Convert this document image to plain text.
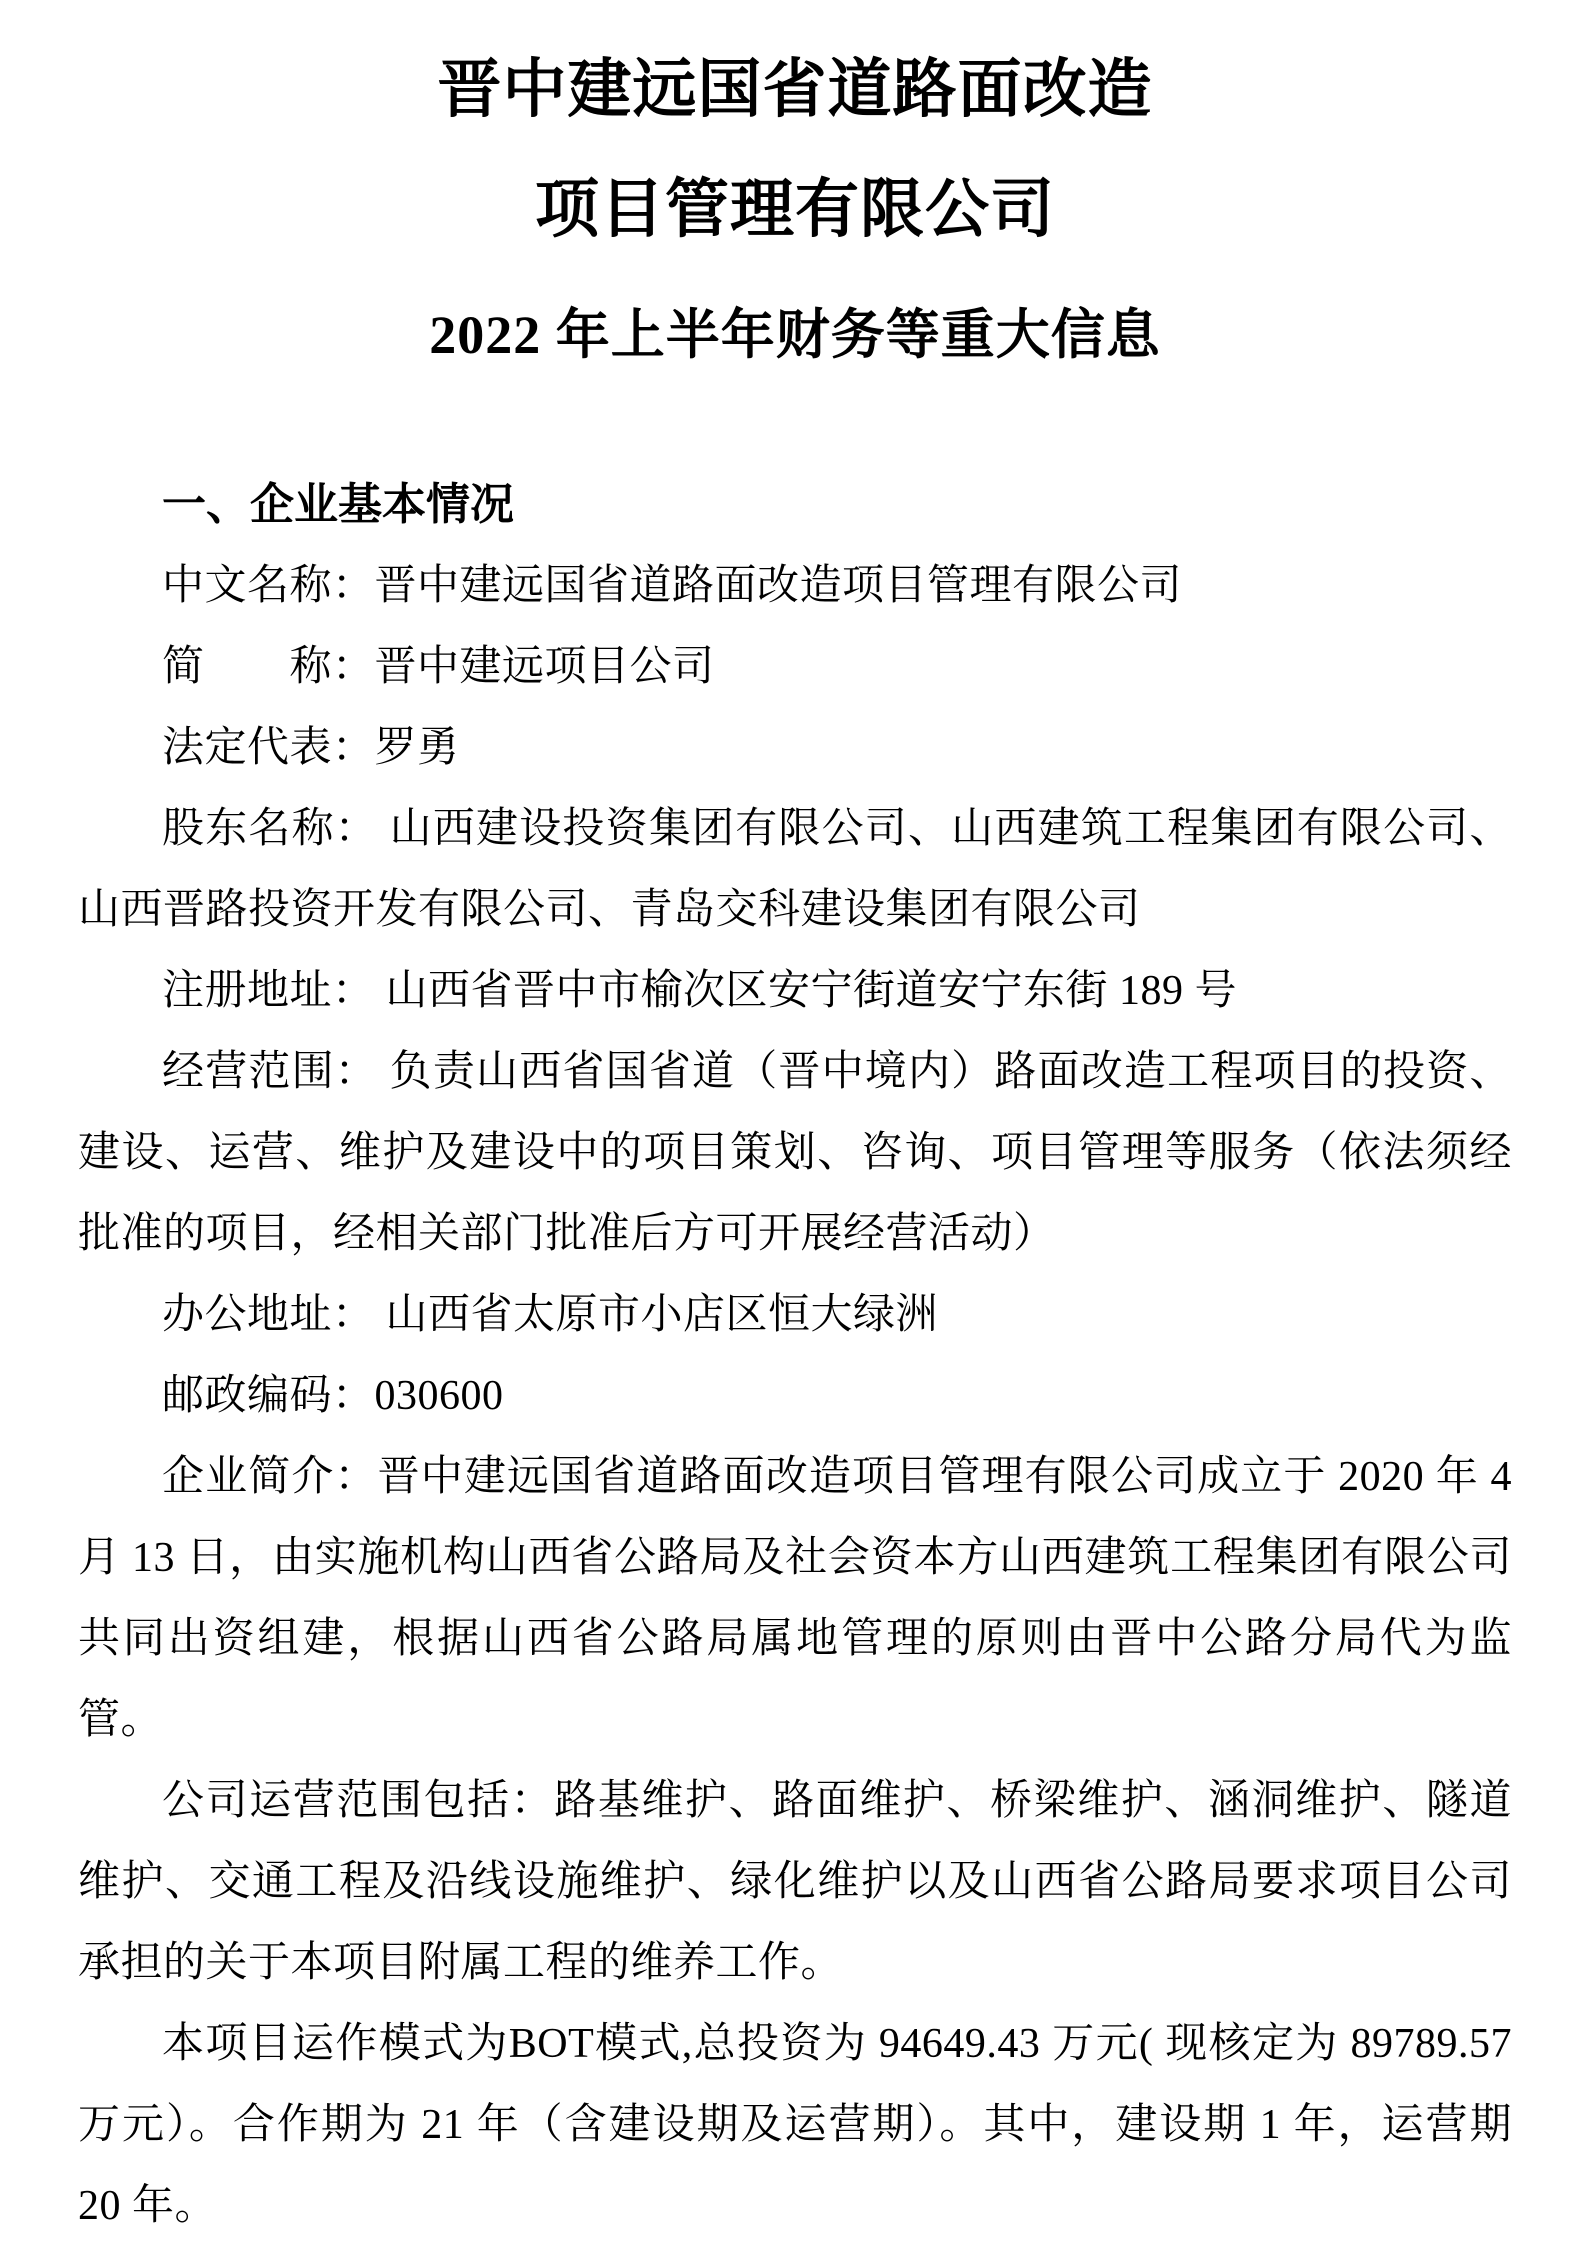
晋中建远国省道路面改造
项目管理有限公司
2022 年上半年财务等重大信息
一、企业基本情况

中文名称：晋中建远国省道路面改造项目管理有限公司

简　　称：晋中建远项目公司

法定代表：罗勇

股东名称： 山西建设投资集团有限公司、山西建筑工程集团有限公司、山西晋路投资开发有限公司、青岛交科建设集团有限公司

注册地址： 山西省晋中市榆次区安宁街道安宁东街 189 号

经营范围： 负责山西省国省道（晋中境内）路面改造工程项目的投资、建设、运营、维护及建设中的项目策划、咨询、项目管理等服务（依法须经批准的项目，经相关部门批准后方可开展经营活动）

办公地址： 山西省太原市小店区恒大绿洲

邮政编码：030600

企业简介：晋中建远国省道路面改造项目管理有限公司成立于 2020 年 4 月 13 日，由实施机构山西省公路局及社会资本方山西建筑工程集团有限公司共同出资组建，根据山西省公路局属地管理的原则由晋中公路分局代为监管。

公司运营范围包括：路基维护、路面维护、桥梁维护、涵洞维护、隧道维护、交通工程及沿线设施维护、绿化维护以及山西省公路局要求项目公司承担的关于本项目附属工程的维养工作。

本项目运作模式为BOT模式,总投资为 94649.43 万元( 现核定为 89789.57 万元）。合作期为 21 年（含建设期及运营期）。其中，建设期 1 年，运营期 20 年。
